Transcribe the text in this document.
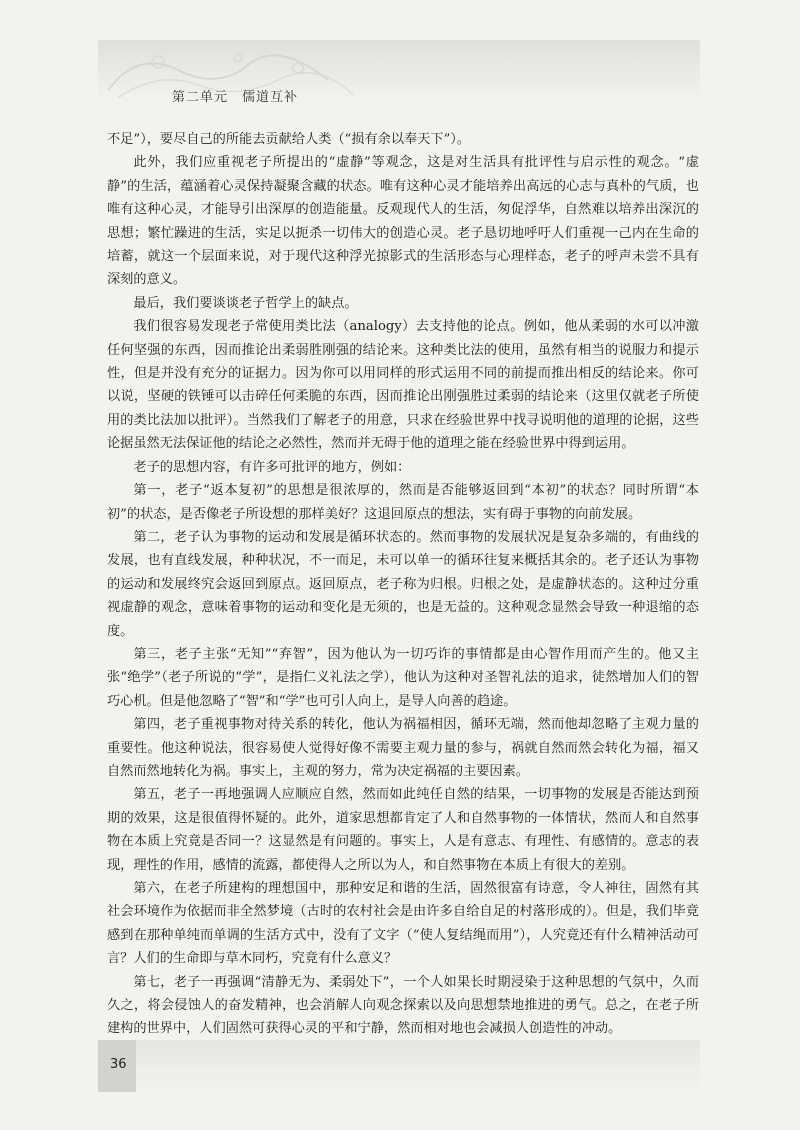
第二单元　儒道互补

不足”），要尽自己的所能去贡献给人类（“损有余以奉天下”）。

此外，我们应重视老子所提出的“虚静”等观念，这是对生活具有批评性与启示性的观念。“虚静”的生活，蕴涵着心灵保持凝聚含藏的状态。唯有这种心灵才能培养出高远的心志与真朴的气质，也唯有这种心灵，才能导引出深厚的创造能量。反观现代人的生活，匆促浮华，自然难以培养出深沉的思想；繁忙躁进的生活，实足以扼杀一切伟大的创造心灵。老子恳切地呼吁人们重视一己内在生命的培蓄，就这一个层面来说，对于现代这种浮光掠影式的生活形态与心理样态，老子的呼声未尝不具有深刻的意义。

最后，我们要谈谈老子哲学上的缺点。

我们很容易发现老子常使用类比法（analogy）去支持他的论点。例如，他从柔弱的水可以冲激任何坚强的东西，因而推论出柔弱胜刚强的结论来。这种类比法的使用，虽然有相当的说服力和提示性，但是并没有充分的证据力。因为你可以用同样的形式运用不同的前提而推出相反的结论来。你可以说，坚硬的铁锤可以击碎任何柔脆的东西，因而推论出刚强胜过柔弱的结论来（这里仅就老子所使用的类比法加以批评）。当然我们了解老子的用意，只求在经验世界中找寻说明他的道理的论据，这些论据虽然无法保证他的结论之必然性，然而并无碍于他的道理之能在经验世界中得到运用。

老子的思想内容，有许多可批评的地方，例如：

第一，老子“返本复初”的思想是很浓厚的，然而是否能够返回到“本初”的状态？同时所谓“本初”的状态，是否像老子所设想的那样美好？这退回原点的想法，实有碍于事物的向前发展。

第二，老子认为事物的运动和发展是循环状态的。然而事物的发展状况是复杂多端的，有曲线的发展，也有直线发展，种种状况，不一而足，未可以单一的循环往复来概括其余的。老子还认为事物的运动和发展终究会返回到原点。返回原点，老子称为归根。归根之处，是虚静状态的。这种过分重视虚静的观念，意味着事物的运动和变化是无须的，也是无益的。这种观念显然会导致一种退缩的态度。

第三，老子主张“无知”“弃智”，因为他认为一切巧诈的事情都是由心智作用而产生的。他又主张“绝学”（老子所说的“学”，是指仁义礼法之学），他认为这种对圣智礼法的追求，徒然增加人们的智巧心机。但是他忽略了“智”和“学”也可引人向上，是导人向善的趋途。

第四，老子重视事物对待关系的转化，他认为祸福相因，循环无端，然而他却忽略了主观力量的重要性。他这种说法，很容易使人觉得好像不需要主观力量的参与，祸就自然而然会转化为福，福又自然而然地转化为祸。事实上，主观的努力，常为决定祸福的主要因素。

第五，老子一再地强调人应顺应自然，然而如此纯任自然的结果，一切事物的发展是否能达到预期的效果，这是很值得怀疑的。此外，道家思想都肯定了人和自然事物的一体情状，然而人和自然事物在本质上究竟是否同一？这显然是有问题的。事实上，人是有意志、有理性、有感情的。意志的表现，理性的作用，感情的流露，都使得人之所以为人，和自然事物在本质上有很大的差别。

第六，在老子所建构的理想国中，那种安足和谐的生活，固然很富有诗意，令人神往，固然有其社会环境作为依据而非全然梦境（古时的农村社会是由许多自给自足的村落形成的）。但是，我们毕竟感到在那种单纯而单调的生活方式中，没有了文字（“使人复结绳而用”），人究竟还有什么精神活动可言？人们的生命即与草木同朽，究竟有什么意义？

第七，老子一再强调“清静无为、柔弱处下”，一个人如果长时期浸染于这种思想的气氛中，久而久之，将会侵蚀人的奋发精神，也会消解人向观念探索以及向思想禁地推进的勇气。总之，在老子所建构的世界中，人们固然可获得心灵的平和宁静，然而相对地也会减损人创造性的冲动。

36
